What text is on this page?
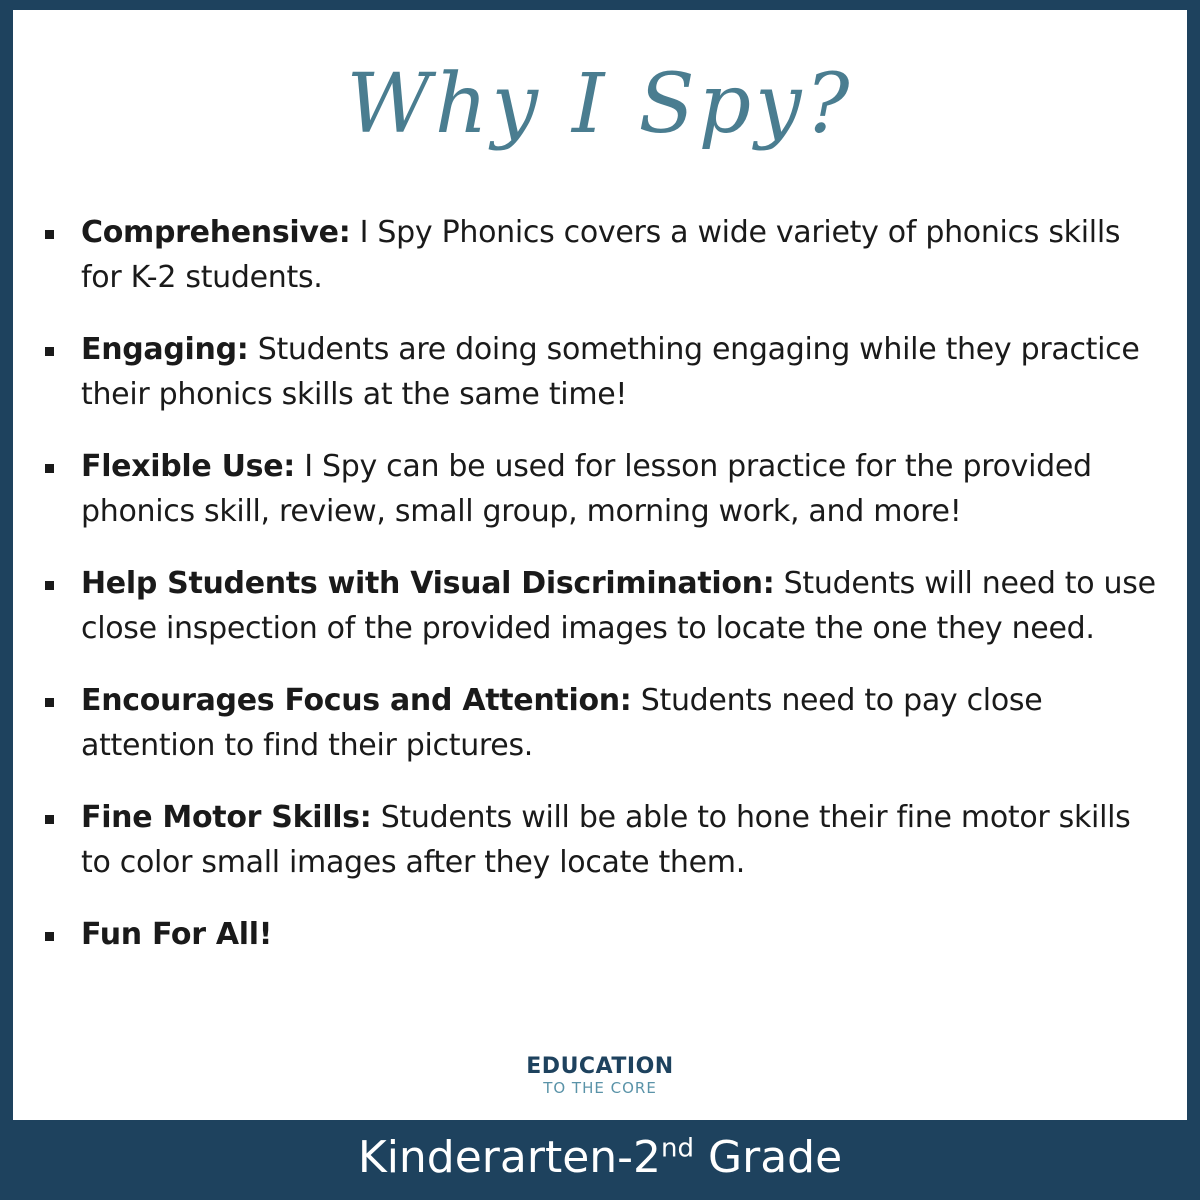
Why I Spy?
Comprehensive: I Spy Phonics covers a wide variety of phonics skills for K-2 students.
Engaging: Students are doing something engaging while they practice their phonics skills at the same time!
Flexible Use: I Spy can be used for lesson practice for the provided phonics skill, review, small group, morning work, and more!
Help Students with Visual Discrimination: Students will need to use close inspection of the provided images to locate the one they need.
Encourages Focus and Attention: Students need to pay close attention to find their pictures.
Fine Motor Skills: Students will be able to hone their fine motor skills to color small images after they locate them.
Fun For All!
EDUCATION
TO THE CORE
Kinderarten-2nd Grade
